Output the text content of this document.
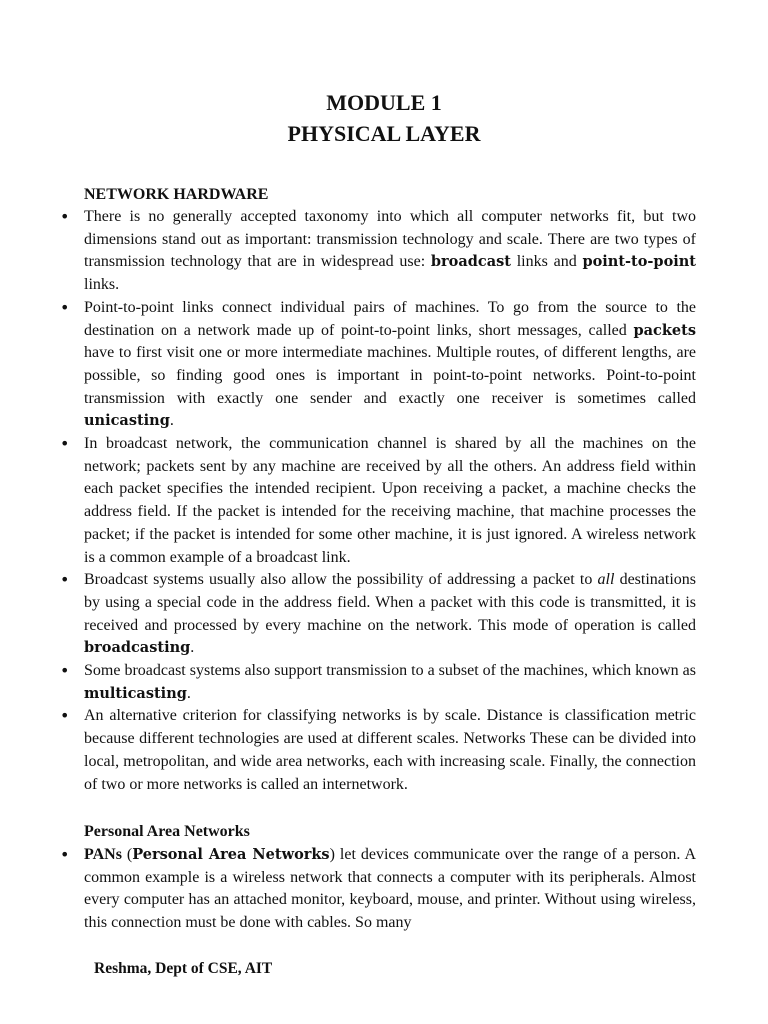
MODULE 1
PHYSICAL LAYER
NETWORK HARDWARE
• There is no generally accepted taxonomy into which all computer networks fit, but two dimensions stand out as important: transmission technology and scale. There are two types of transmission technology that are in widespread use: broadcast links and point-to-point links.
• Point-to-point links connect individual pairs of machines. To go from the source to the destination on a network made up of point-to-point links, short messages, called packets have to first visit one or more intermediate machines. Multiple routes, of different lengths, are possible, so finding good ones is important in point-to-point networks. Point-to-point transmission with exactly one sender and exactly one receiver is sometimes called unicasting.
• In broadcast network, the communication channel is shared by all the machines on the network; packets sent by any machine are received by all the others. An address field within each packet specifies the intended recipient. Upon receiving a packet, a machine checks the address field. If the packet is intended for the receiving machine, that machine processes the packet; if the packet is intended for some other machine, it is just ignored. A wireless network is a common example of a broadcast link.
• Broadcast systems usually also allow the possibility of addressing a packet to all destinations by using a special code in the address field. When a packet with this code is transmitted, it is received and processed by every machine on the network. This mode of operation is called broadcasting.
• Some broadcast systems also support transmission to a subset of the machines, which known as multicasting.
• An alternative criterion for classifying networks is by scale. Distance is classification metric because different technologies are used at different scales. Networks These can be divided into local, metropolitan, and wide area networks, each with increasing scale. Finally, the connection of two or more networks is called an internetwork.
Personal Area Networks
• PANs (Personal Area Networks) let devices communicate over the range of a person. A common example is a wireless network that connects a computer with its peripherals. Almost every computer has an attached monitor, keyboard, mouse, and printer. Without using wireless, this connection must be done with cables. So many

Reshma, Dept of CSE, AIT
